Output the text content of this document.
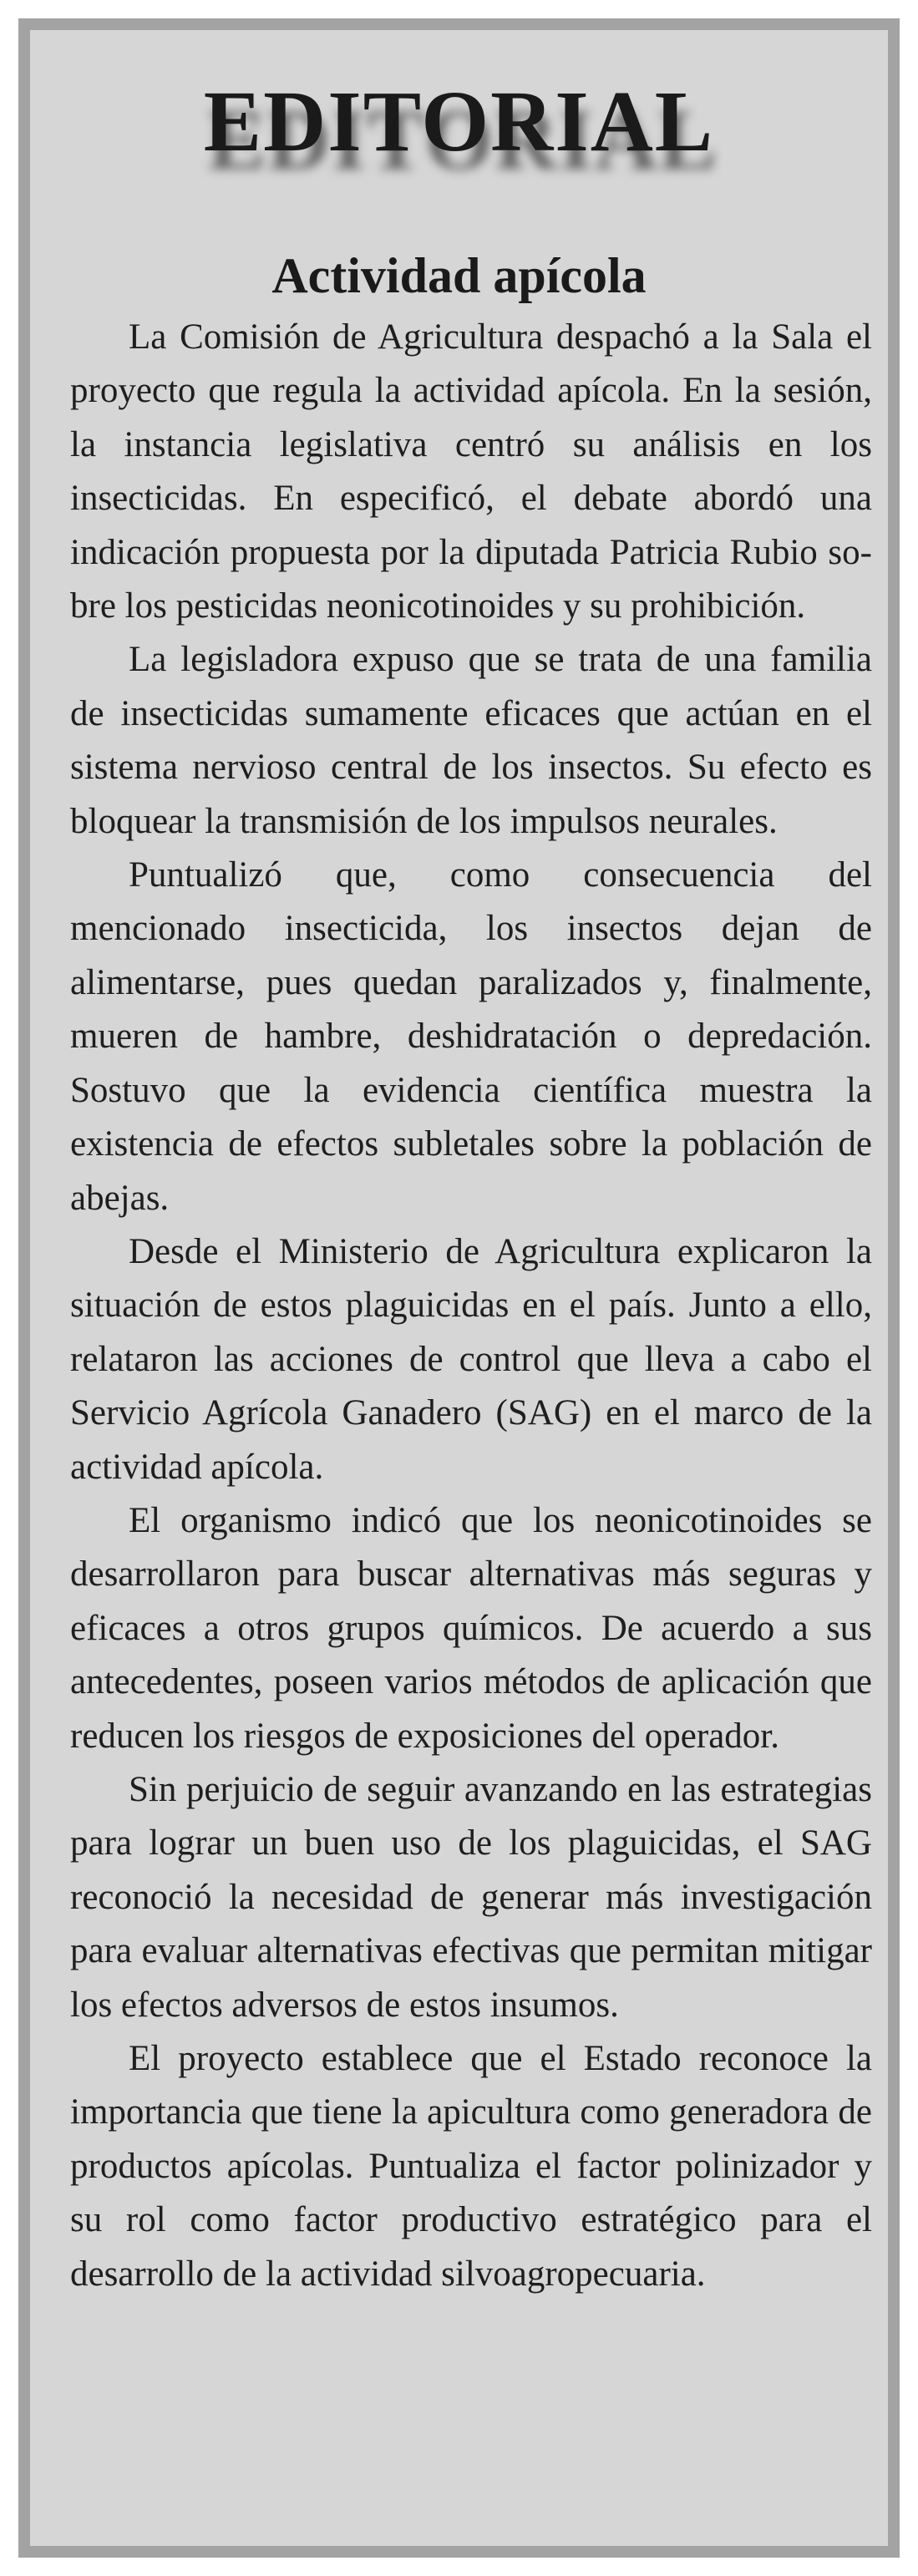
EDITORIAL
Actividad apícola

La Comisión de Agricultura despachó a la Sala el proyecto que regula la actividad apícola. En la sesión, la instancia legislativa centró su análisis en los insecticidas. En especificó, el debate abordó una indicación propuesta por la diputada Patricia Rubio sobre los pesticidas neonicotinoides y su prohibición.

La legisladora expuso que se trata de una familia de insecticidas sumamente eficaces que actúan en el sistema nervioso central de los insectos. Su efecto es bloquear la transmisión de los impulsos neurales.

Puntualizó que, como consecuencia del mencionado insecticida, los insectos dejan de alimentarse, pues quedan paralizados y, finalmente, mueren de hambre, deshidratación o depredación. Sostuvo que la evidencia científica muestra la existencia de efectos subletales sobre la población de abejas.

Desde el Ministerio de Agricultura explicaron la situación de estos plaguicidas en el país. Junto a ello, relataron las acciones de control que lleva a cabo el Servicio Agrícola Ganadero (SAG) en el marco de la actividad apícola.

El organismo indicó que los neonicotinoides se desarrollaron para buscar alternativas más seguras y eficaces a otros grupos químicos. De acuerdo a sus antecedentes, poseen varios métodos de aplicación que reducen los riesgos de exposiciones del operador.

Sin perjuicio de seguir avanzando en las estrategias para lograr un buen uso de los plaguicidas, el SAG reconoció la necesidad de generar más investigación para evaluar alternativas efectivas que permitan mitigar los efectos adversos de estos insumos.

El proyecto establece que el Estado reconoce la importancia que tiene la apicultura como generadora de productos apícolas. Puntualiza el factor polinizador y su rol como factor productivo estratégico para el desarrollo de la actividad silvoagropecuaria.
